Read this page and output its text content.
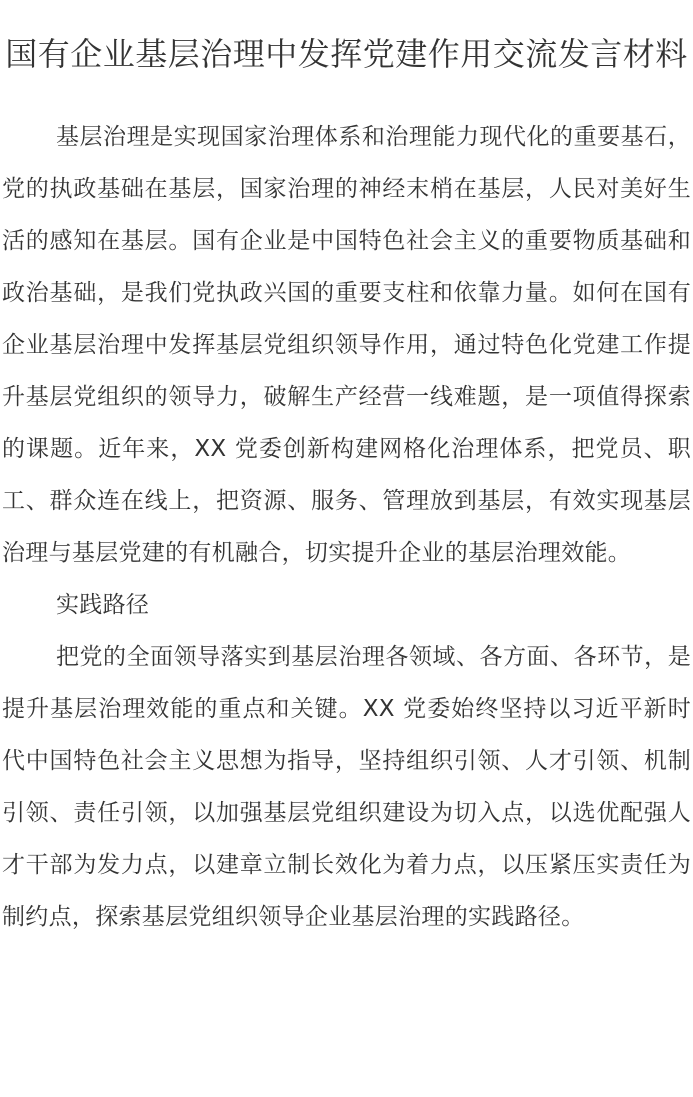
国有企业基层治理中发挥党建作用交流发言材料

基层治理是实现国家治理体系和治理能力现代化的重要基石，党的执政基础在基层，国家治理的神经末梢在基层，人民对美好生活的感知在基层。国有企业是中国特色社会主义的重要物质基础和政治基础，是我们党执政兴国的重要支柱和依靠力量。如何在国有企业基层治理中发挥基层党组织领导作用，通过特色化党建工作提升基层党组织的领导力，破解生产经营一线难题，是一项值得探索的课题。近年来，XX 党委创新构建网格化治理体系，把党员、职工、群众连在线上，把资源、服务、管理放到基层，有效实现基层治理与基层党建的有机融合，切实提升企业的基层治理效能。

实践路径

把党的全面领导落实到基层治理各领域、各方面、各环节，是提升基层治理效能的重点和关键。XX 党委始终坚持以习近平新时代中国特色社会主义思想为指导，坚持组织引领、人才引领、机制引领、责任引领，以加强基层党组织建设为切入点，以选优配强人才干部为发力点，以建章立制长效化为着力点，以压紧压实责任为制约点，探索基层党组织领导企业基层治理的实践路径。
